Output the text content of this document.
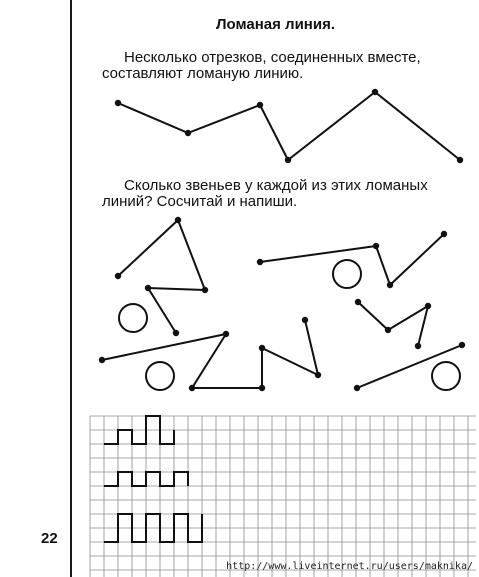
Ломаная линия.

Несколько отрезков, соединенных вместе,
составляют ломаную линию.

Сколько звеньев у каждой из этих ломаных
линий? Сосчитай и напиши.

22
http://www.liveinternet.ru/users/maknika/
